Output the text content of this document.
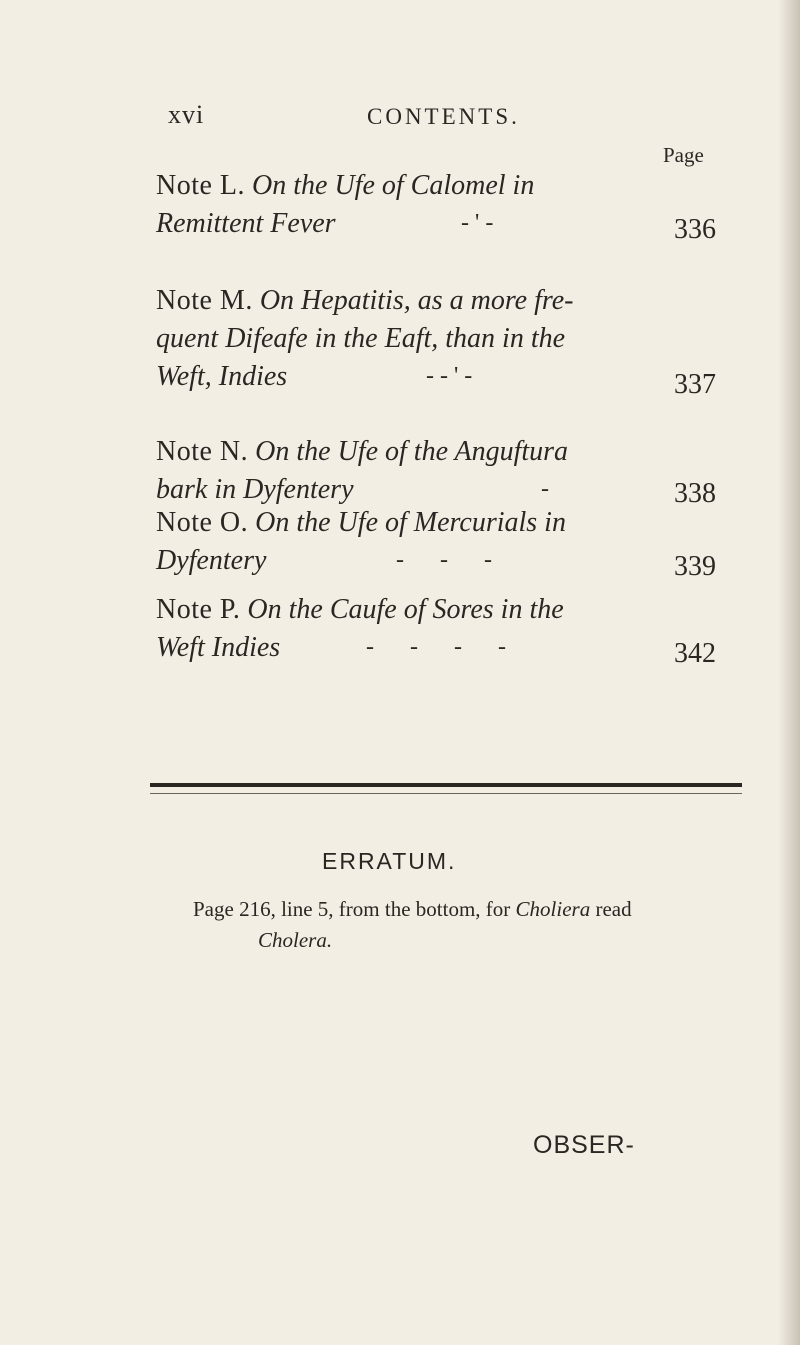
xvi	CONTENTS.
Page
Note L. On the Ufe of Calomel in
Remittent Fever	- ' -	336
Note M. On Hepatitis, as a more fre-
quent Difeafe in the Eaft, than in the
Weft, Indies	- - ' -	337
Note N. On the Ufe of the Anguftura
bark in Dyfentery	-	338
Note O. On the Ufe of Mercurials in
Dyfentery	- - -	339
Note P. On the Caufe of Sores in the
Weft Indies	- - - -	342
ERRATUM.
Page 216, line 5, from the bottom, for Choliera read
Cholera.
OBSER-
